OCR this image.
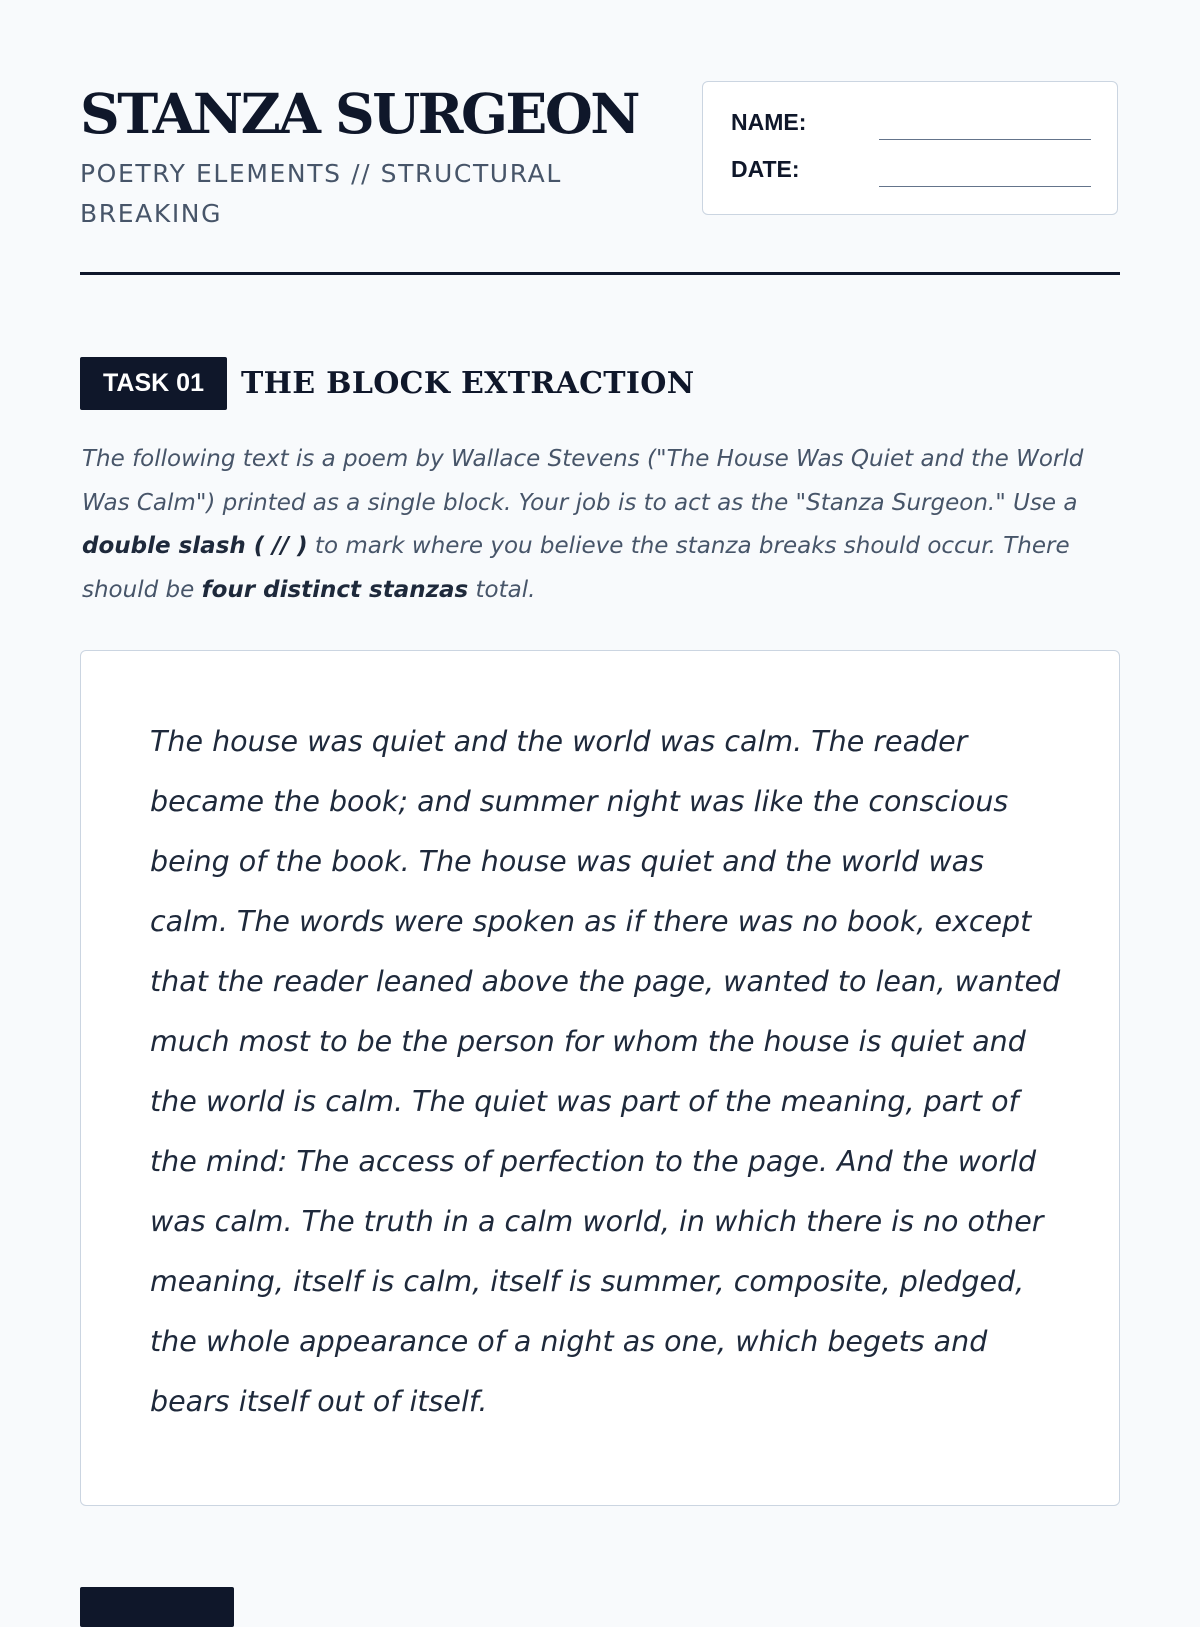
STANZA SURGEON

POETRY ELEMENTS // STRUCTURAL BREAKING

NAME:
DATE:
TASK 01	THE BLOCK EXTRACTION

The following text is a poem by Wallace Stevens ("The House Was Quiet and the World Was Calm") printed as a single block. Your job is to act as the "Stanza Surgeon." Use a double slash ( // ) to mark where you believe the stanza breaks should occur. There should be four distinct stanzas total.

The house was quiet and the world was calm. The reader became the book; and summer night was like the conscious being of the book. The house was quiet and the world was calm. The words were spoken as if there was no book, except that the reader leaned above the page, wanted to lean, wanted much most to be the person for whom the house is quiet and the world is calm. The quiet was part of the meaning, part of the mind: The access of perfection to the page. And the world was calm. The truth in a calm world, in which there is no other meaning, itself is calm, itself is summer, composite, pledged, the whole appearance of a night as one, which begets and bears itself out of itself.
